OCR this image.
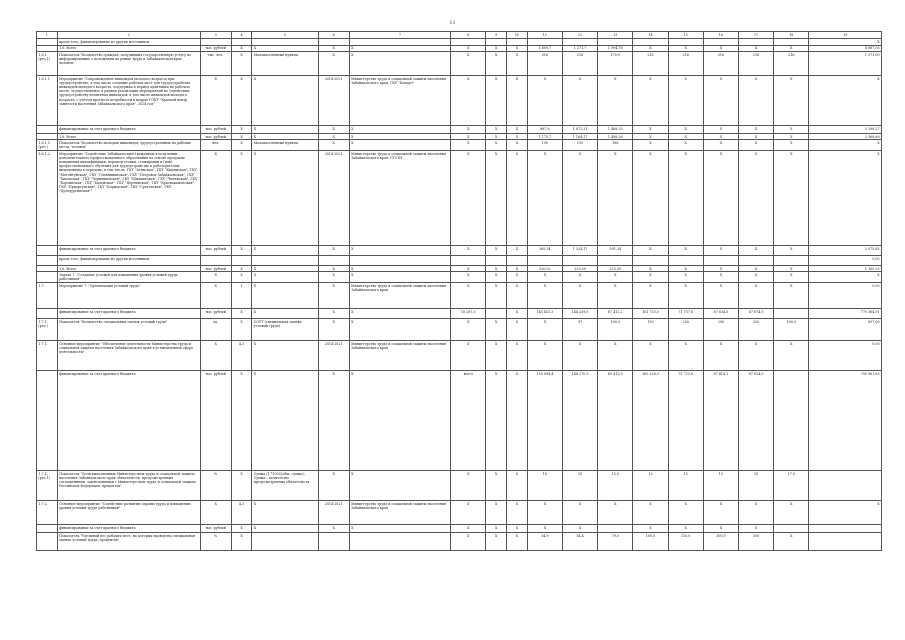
11
1	2	3	4	5	6	7	8	9	10	11	12	13	14	15	16	17	18	19
	кроме того, финансирование из других источников																	Х
	1.6. Всего	тыс. рублей	Х	Х	Х	Х	Х	Х	Х	1 609,7	1 271,7	1 994,76	Х	Х	Х	Х	Х	4 867,05
1.6.1. (рез.1)	Показатель "Количество граждан, получивших государственную услугу по информированию о положении на рынке труда в Забайкальском крае, человек"	тыс. чел.	Х	Малонаселенные пункты	Х	Х	Х	Х	Х	316	216	170,0	216	216	216	216	216	1 571,00
1.6.1.1	Мероприятие "Сопровождение инвалидов молодого возраста при трудоустройстве, в том числе создание рабочих мест для трудоустройства инвалидов молодого возраста, поддержка в период адаптации на рабочем месте, осуществляемое в рамках реализации мероприятий по содействию трудоустройству незанятых инвалидов, в том числе инвалидов молодого возраста, с учётом прогноза потребности в кадрах ГОКУ "Краевой центр занятости населения Забайкальского края", 2024 год"	Х	Х	Х	2014-2021	Министерство труда и социальной защиты населения Забайкальского края, ГКУ "Камдуз"	Х	Х	Х	Х	Х	Х	Х	Х	Х	Х	Х	Х
	финансирование за счет краевого бюджета	тыс. рублей	Х	Х	Х	Х	Х	Х	Х	867,8	1 871,21	1 468,25	Х	Х	Х	Х	Х	3 298,27
	1.6. Всего	тыс. рублей	Х	Х	Х	Х	Х	Х	Х	1 175,7	1 164,17	1 498,26	Х	Х	Х	Х	Х	3 568,69
1.6.1.1. (рез.)	Показатель "Количество молодых инвалидов, трудоустроенных на рабочие места, человек"	чел.	Х	Малонаселенные пункты	Х	Х	Х	Х	Х	195	195	188	Х	Х	Х	Х	Х	Х
1.6.1.2.	Мероприятие "Содействие Забайкальским гражданам в получении дополнительного профессионального образования на основе программ повышения квалификации, переподготовки, стажировки и (или) профессионального обучения для трудоустройства к работодателям, включенным в перечень, в том числе: ГКУ "Агинская", ГКУ "Кыринская", ГКУ "Могойтуйская", ГКУ "Оловяннинская", ГКУ "Петровск-Забайкальская", ГКУ "Хилокская", ГКУ "Чернышевская", ГКУ "Шилкинская", ГКУ "Читинская", ГКУ "Борзинская", ГКУ "Балейская", ГКУ "Нерчинская", ГКУ "Краснокаменская", ГКУ "Приаргунская", ГКУ "Карымская", ГКУ "Сретенская", ГКУ "Дульдургинская""	Х	Х	Х	2014-2021	Министерство труда и социальной защиты населения Забайкальского края, ГУСЗН	Х	Х	Х	Х	Х	Х	Х	Х	Х	Х	Х	Х
	финансирование за счет краевого бюджета	тыс. рублей	Х	Х	Х	Х	Х	Х	Х	365,34	1 324,17	591,34	Х	Х	Х	Х	Х	2 075,85
	кроме того, финансирование из других источников																	0,00
	1.6. Всего	тыс. рублей	Х	Х	Х	Х	Х	Х	Х	320,02	225,00	225,00	Х	Х	Х	Х	Х	1 100,33
	Задача 7. "Создание условий для повышения уровня условий труда работников"	Х	Х	Х	Х	Х	Х	Х	Х	Х	Х	Х	Х	Х	Х	Х	Х	Х
1.7.	Мероприятие 7. "Организация условий труда"	Х	1	Х	Х	Министерство труда и социальной защиты населения Забайкальского края	Х	Х	Х	Х	Х	Х	Х	Х	Х	Х	Х	0,00
	финансирование за счет краевого бюджета	тыс. рублей	Х	Х	Х	Х	18 287,5		Х	145 453,3	144 259,5	67 412,2	101 733,0	71 737,8	87 634,5	67 674,0		770 364,91
1.7.1.(рез.)	Показатель "Количество специальных оценок условий труда"	ед.	Х	СОУТ (специальная оценка условий труда)	Х	Х	Х	Х	Х	Х	97	100,0	150	250	250	250	100,0	897,00
1.7.1.	Основное мероприятие "Обеспечение деятельности Министерства труда и социальной защиты населения Забайкальского края в установленной сфере деятельности"	Х	4,1	Х	2014-2021	Министерство труда и социальной защиты населения Забайкальского края	Х	Х	Х	Х	Х	Х	Х	Х	Х	Х	Х	0,00
	финансирование за счет краевого бюджета	тыс. рублей	Х	Х	Х	Х	всего	Х	Х	116 994,4	144 270,5	69 413,9	100 328,3	73 723,8	87 414,3	87 624,0		750 961,63
1.7.1. (рез.1)	Показатель "Доля выполненных Министерством труда и социальной защиты населения Забайкальского края обязательств, предусмотренных соглашениями, заключенными с Министерством труда и социальной защиты Российской Федерации, процентов"	%	Х	Сумма (1 *100)/(общ. сумма); Сумма – количество предусмотренных обязательств	Х	Х	Х	Х	Х	18	15	15,0	15	15	15	15	17,0	
1.7.2.	Основное мероприятие "Содействие развитию охраны труда и повышению уровня условий труда работников"	Х	4,1	Х	2014-2021	Министерство труда и социальной защиты населения Забайкальского края	Х	Х	Х	Х	Х	Х	Х	Х	Х	Х	Х	Х
	финансирование за счет краевого бюджета	тыс. рублей	Х	Х	Х	Х	Х	Х	Х	Х	Х		Х	Х	Х	Х		
	Показатель "Удельный вес рабочих мест, на которых проведена специальная оценка условий труда, процентов"	%	Х				Х	Х	Х	34,9	54,4	79,0	100,0	110,0	100,0	100	Х	
